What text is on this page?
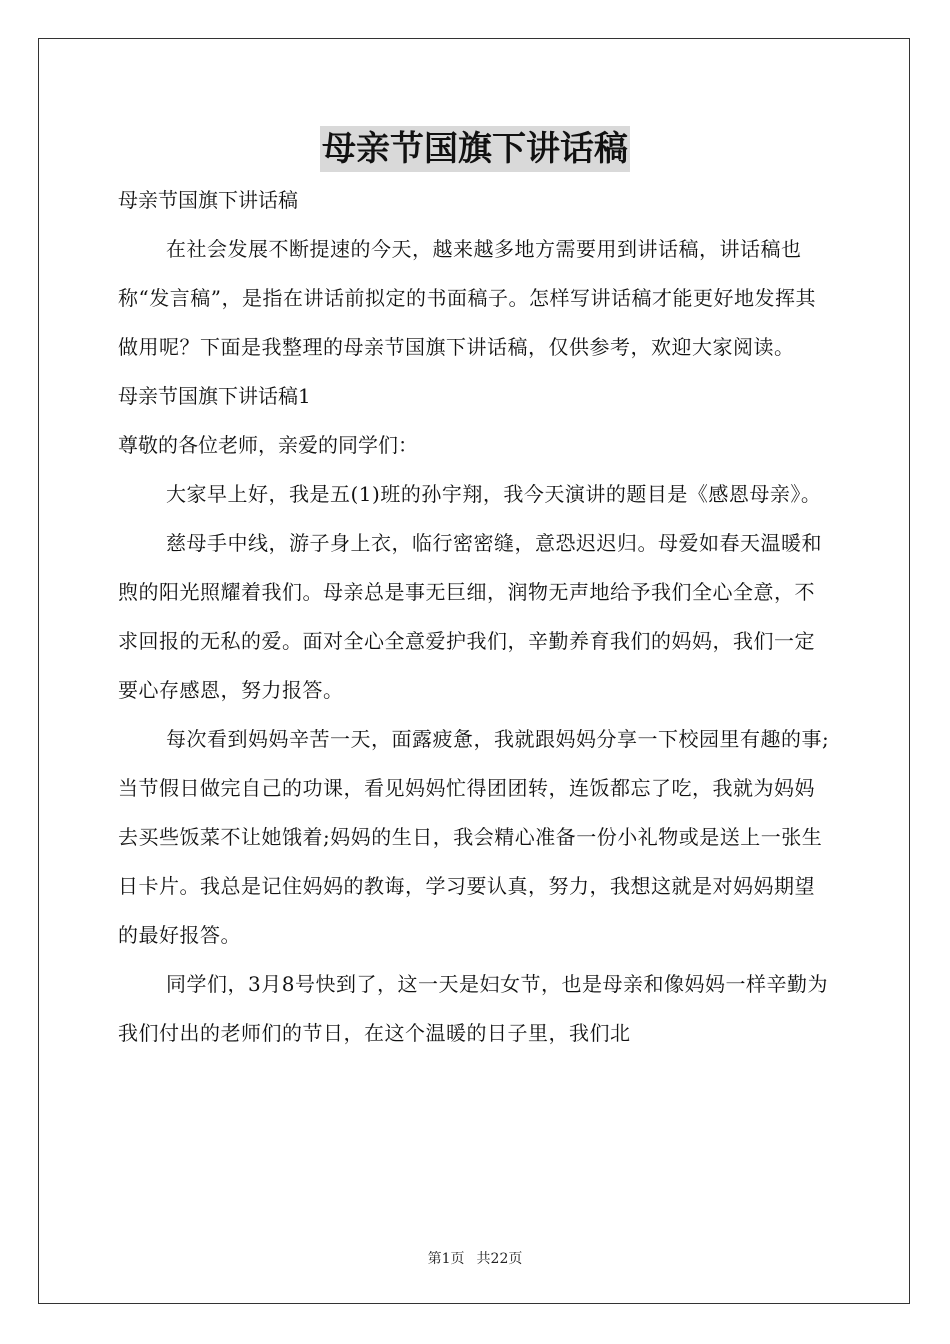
母亲节国旗下讲话稿

母亲节国旗下讲话稿

在社会发展不断提速的今天，越来越多地方需要用到讲话稿，讲话稿也称“发言稿”，是指在讲话前拟定的书面稿子。怎样写讲话稿才能更好地发挥其做用呢？下面是我整理的母亲节国旗下讲话稿，仅供参考，欢迎大家阅读。

母亲节国旗下讲话稿1

尊敬的各位老师，亲爱的同学们：

大家早上好，我是五(1)班的孙宇翔，我今天演讲的题目是《感恩母亲》。

慈母手中线，游子身上衣，临行密密缝，意恐迟迟归。母爱如春天温暖和煦的阳光照耀着我们。母亲总是事无巨细，润物无声地给予我们全心全意，不求回报的无私的爱。面对全心全意爱护我们，辛勤养育我们的妈妈，我们一定要心存感恩，努力报答。

每次看到妈妈辛苦一天，面露疲惫，我就跟妈妈分享一下校园里有趣的事;当节假日做完自己的功课，看见妈妈忙得团团转，连饭都忘了吃，我就为妈妈去买些饭菜不让她饿着;妈妈的生日，我会精心准备一份小礼物或是送上一张生日卡片。我总是记住妈妈的教诲，学习要认真，努力，我想这就是对妈妈期望的最好报答。

同学们，3月8号快到了，这一天是妇女节，也是母亲和像妈妈一样辛勤为我们付出的老师们的节日，在这个温暖的日子里，我们北

第1页 共22页
